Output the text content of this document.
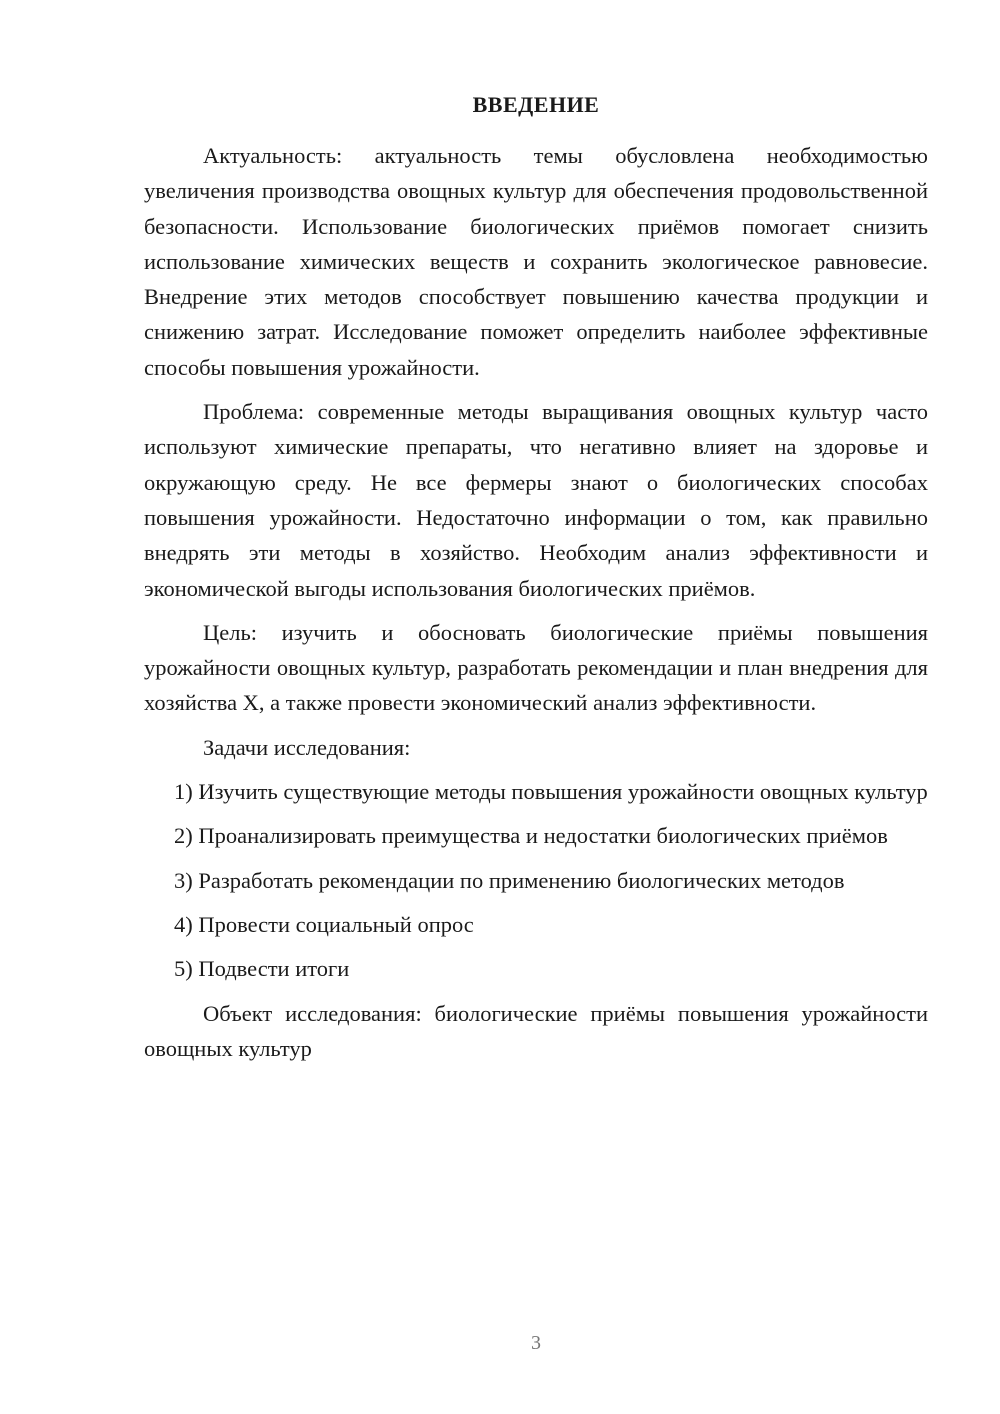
ВВЕДЕНИЕ

Актуальность: актуальность темы обусловлена необходимостью увеличения производства овощных культур для обеспечения продовольственной безопасности. Использование биологических приёмов помогает снизить использование химических веществ и сохранить экологическое равновесие. Внедрение этих методов способствует повышению качества продукции и снижению затрат. Исследование поможет определить наиболее эффективные способы повышения урожайности.

Проблема: современные методы выращивания овощных культур часто используют химические препараты, что негативно влияет на здоровье и окружающую среду. Не все фермеры знают о биологических способах повышения урожайности. Недостаточно информации о том, как правильно внедрять эти методы в хозяйство. Необходим анализ эффективности и экономической выгоды использования биологических приёмов.

Цель: изучить и обосновать биологические приёмы повышения урожайности овощных культур, разработать рекомендации и план внедрения для хозяйства Х, а также провести экономический анализ эффективности.

Задачи исследования:

1) Изучить существующие методы повышения урожайности овощных культур

2) Проанализировать преимущества и недостатки биологических приёмов

3) Разработать рекомендации по применению биологических методов

4) Провести социальный опрос

5) Подвести итоги

Объект исследования: биологические приёмы повышения урожайности овощных культур

3
